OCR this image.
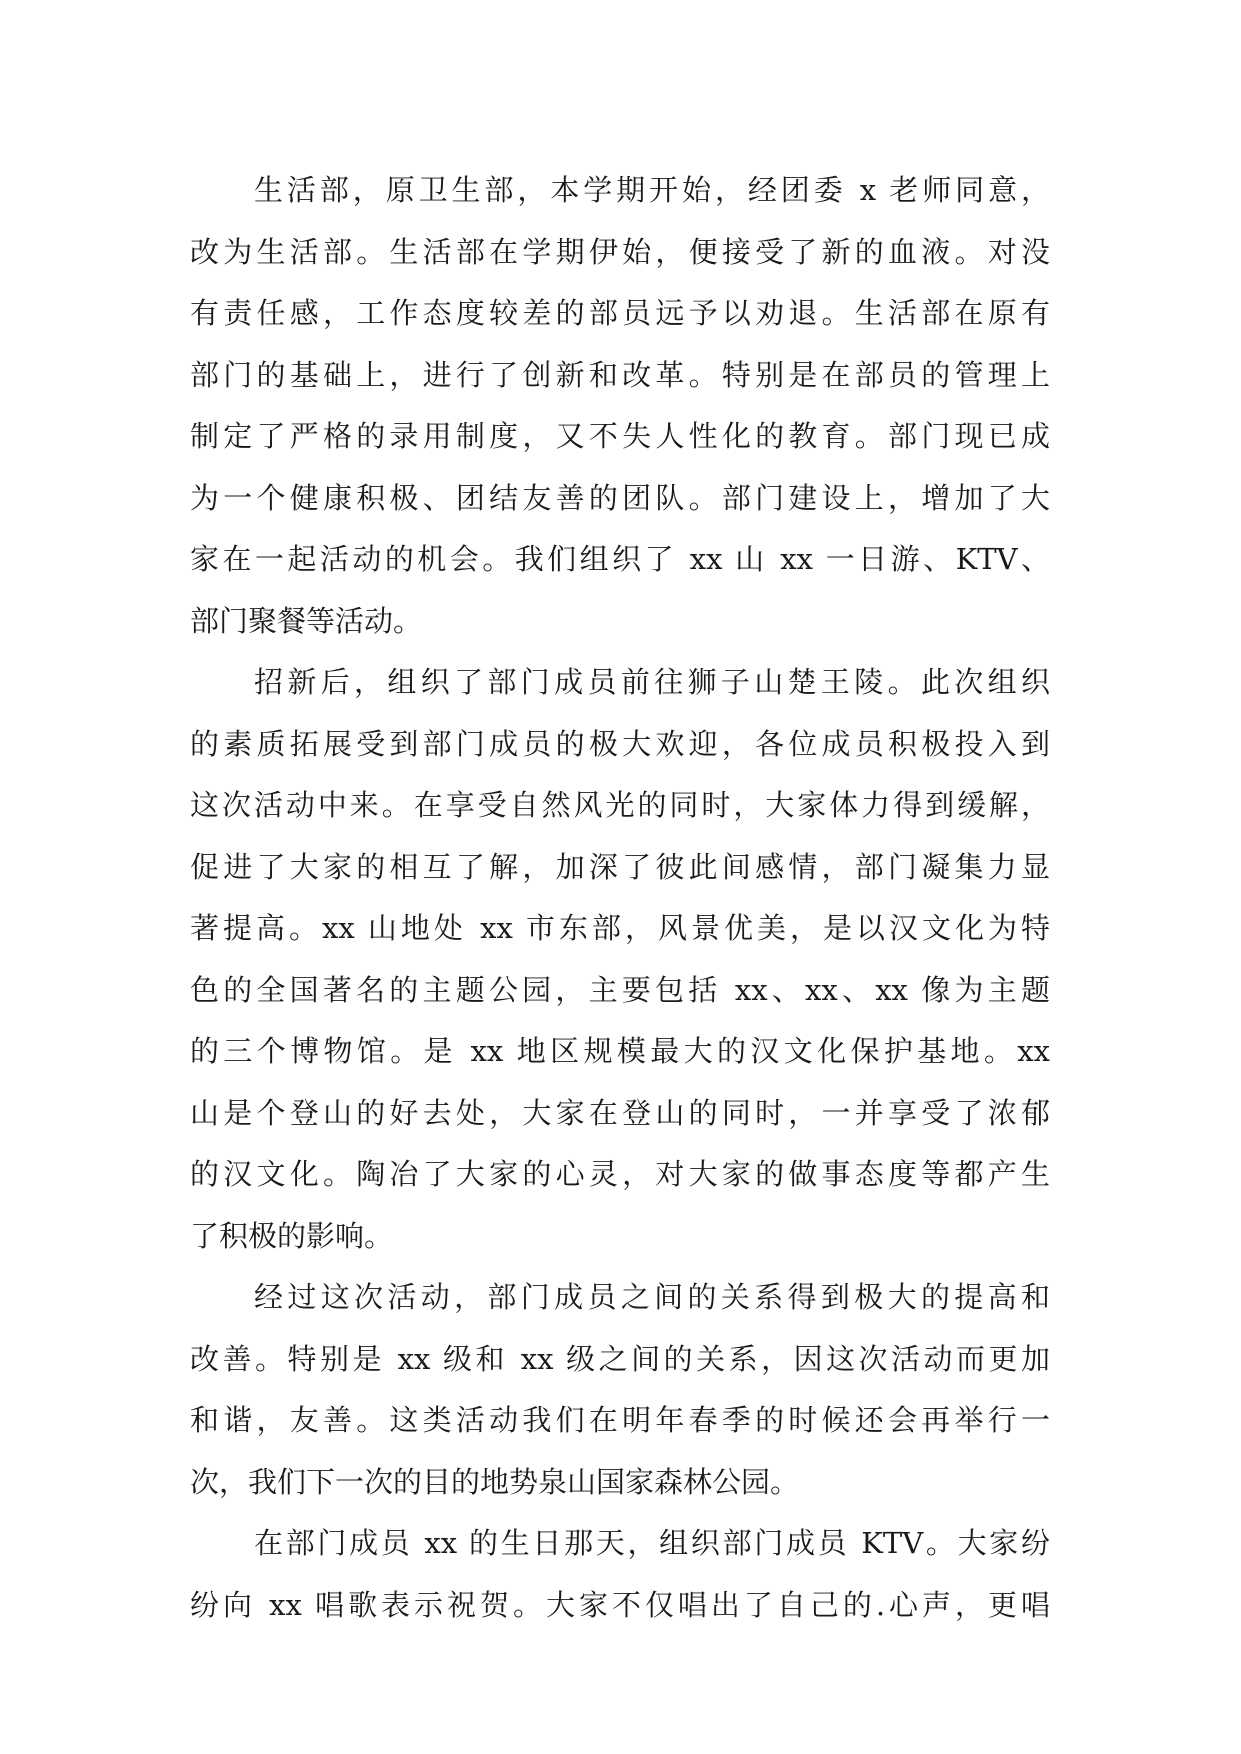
生活部，原卫生部，本学期开始，经团委 x 老师同意，
改为生活部。生活部在学期伊始，便接受了新的血液。对没
有责任感，工作态度较差的部员远予以劝退。生活部在原有
部门的基础上，进行了创新和改革。特别是在部员的管理上
制定了严格的录用制度，又不失人性化的教育。部门现已成
为一个健康积极、团结友善的团队。部门建设上，增加了大
家在一起活动的机会。我们组织了 xx 山 xx 一日游、KTV、
部门聚餐等活动。
招新后，组织了部门成员前往狮子山楚王陵。此次组织
的素质拓展受到部门成员的极大欢迎，各位成员积极投入到
这次活动中来。在享受自然风光的同时，大家体力得到缓解，
促进了大家的相互了解，加深了彼此间感情，部门凝集力显
著提高。xx 山地处 xx 市东部，风景优美，是以汉文化为特
色的全国著名的主题公园，主要包括 xx、xx、xx 像为主题
的三个博物馆。是 xx 地区规模最大的汉文化保护基地。xx
山是个登山的好去处，大家在登山的同时，一并享受了浓郁
的汉文化。陶冶了大家的心灵，对大家的做事态度等都产生
了积极的影响。
经过这次活动，部门成员之间的关系得到极大的提高和
改善。特别是 xx 级和 xx 级之间的关系，因这次活动而更加
和谐，友善。这类活动我们在明年春季的时候还会再举行一
次，我们下一次的目的地势泉山国家森林公园。
在部门成员 xx 的生日那天，组织部门成员 KTV。大家纷
纷向 xx 唱歌表示祝贺。大家不仅唱出了自己的.心声，更唱
